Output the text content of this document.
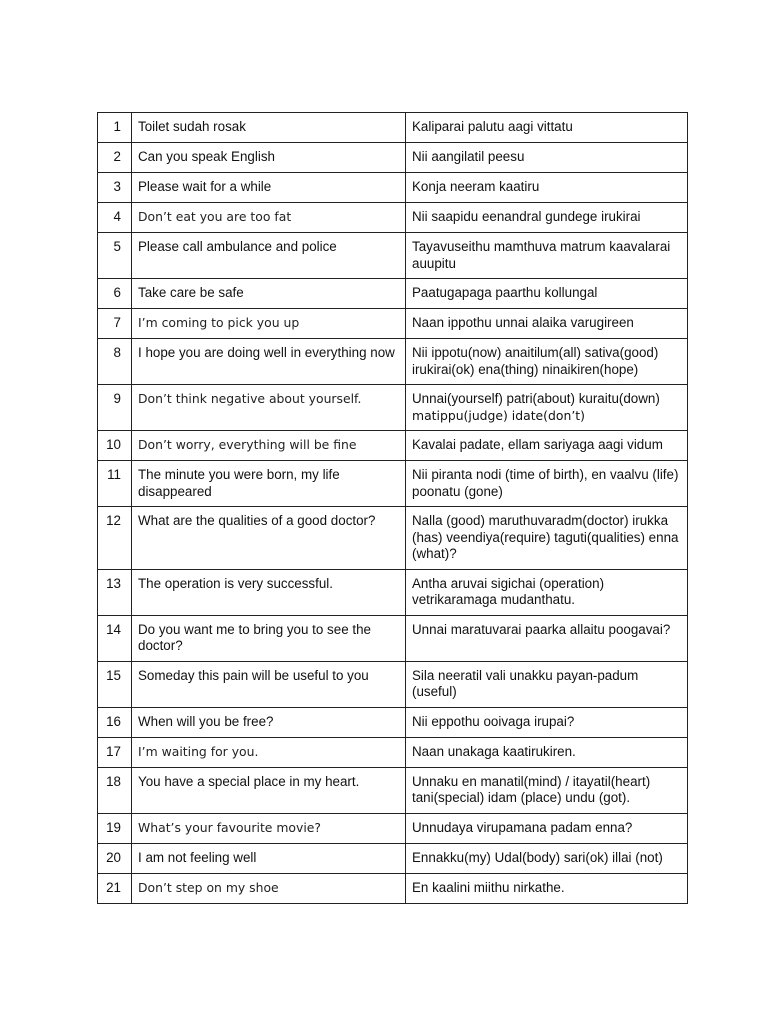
1	Toilet sudah rosak	Kaliparai palutu aagi vittatu
2	Can you speak English	Nii aangilatil peesu
3	Please wait for a while	Konja neeram kaatiru
4	Don’t eat you are too fat	Nii saapidu eenandral gundege irukirai
5	Please call ambulance and police	Tayavuseithu mamthuva matrum kaavalarai auupitu
6	Take care be safe	Paatugapaga paarthu kollungal
7	I’m coming to pick you up	Naan ippothu unnai alaika varugireen
8	I hope you are doing well in everything now	Nii ippotu(now) anaitilum(all) sativa(good) irukirai(ok) ena(thing) ninaikiren(hope)
9	Don’t think negative about yourself.	Unnai(yourself) patri(about) kuraitu(down)
matippu(judge) idate(don’t)

10	Don’t worry, everything will be fine	Kavalai padate, ellam sariyaga aagi vidum
11	The minute you were born, my life disappeared	Nii piranta nodi (time of birth), en vaalvu (life) poonatu (gone)
12	What are the qualities of a good doctor?	Nalla (good) maruthuvaradm(doctor) irukka (has) veendiya(require) taguti(qualities) enna (what)?
13	The operation is very successful.	Antha aruvai sigichai (operation) vetrikaramaga mudanthatu.
14	Do you want me to bring you to see the doctor?	Unnai maratuvarai paarka allaitu poogavai?
15	Someday this pain will be useful to you	Sila neeratil vali unakku payan-padum (useful)
16	When will you be free?	Nii eppothu ooivaga irupai?
17	I’m waiting for you.	Naan unakaga kaatirukiren.
18	You have a special place in my heart.	Unnaku en manatil(mind) / itayatil(heart) tani(special) idam (place) undu (got).
19	What’s your favourite movie?	Unnudaya virupamana padam enna?
20	I am not feeling well	Ennakku(my) Udal(body) sari(ok) illai (not)
21	Don’t step on my shoe	En kaalini miithu nirkathe.
